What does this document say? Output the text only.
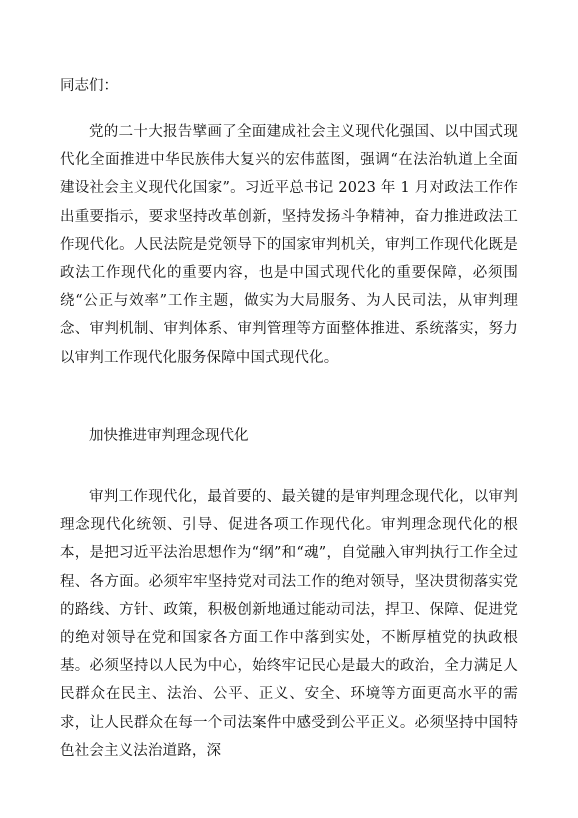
同志们：

党的二十大报告擘画了全面建成社会主义现代化强国、以中国式现代化全面推进中华民族伟大复兴的宏伟蓝图，强调“在法治轨道上全面建设社会主义现代化国家”。习近平总书记 2023 年 1 月对政法工作作出重要指示，要求坚持改革创新，坚持发扬斗争精神，奋力推进政法工作现代化。人民法院是党领导下的国家审判机关，审判工作现代化既是政法工作现代化的重要内容，也是中国式现代化的重要保障，必须围绕“公正与效率”工作主题，做实为大局服务、为人民司法，从审判理念、审判机制、审判体系、审判管理等方面整体推进、系统落实，努力以审判工作现代化服务保障中国式现代化。

加快推进审判理念现代化

审判工作现代化，最首要的、最关键的是审判理念现代化，以审判理念现代化统领、引导、促进各项工作现代化。审判理念现代化的根本，是把习近平法治思想作为“纲”和“魂”，自觉融入审判执行工作全过程、各方面。必须牢牢坚持党对司法工作的绝对领导，坚决贯彻落实党的路线、方针、政策，积极创新地通过能动司法，捍卫、保障、促进党的绝对领导在党和国家各方面工作中落到实处，不断厚植党的执政根基。必须坚持以人民为中心，始终牢记民心是最大的政治，全力满足人民群众在民主、法治、公平、正义、安全、环境等方面更高水平的需求，让人民群众在每一个司法案件中感受到公平正义。必须坚持中国特色社会主义法治道路，深
